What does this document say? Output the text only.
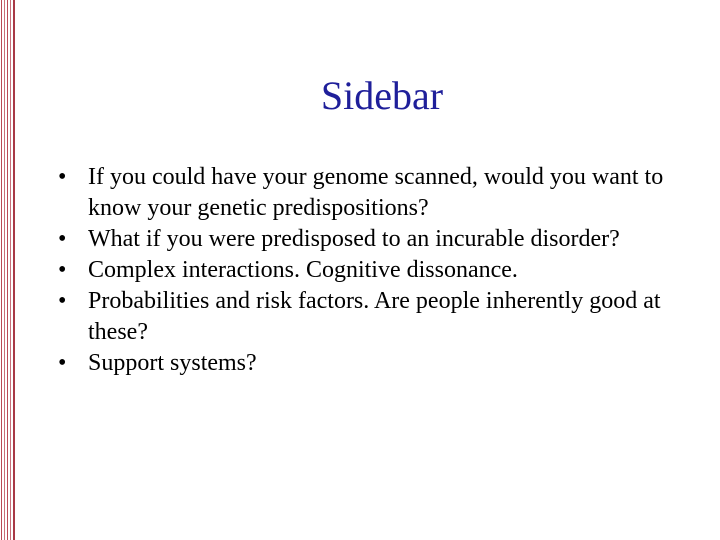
Sidebar
• If you could have your genome scanned, would you want to know your genetic predispositions?
• What if you were predisposed to an incurable disorder?
• Complex interactions. Cognitive dissonance.
• Probabilities and risk factors. Are people inherently good at these?
• Support systems?
